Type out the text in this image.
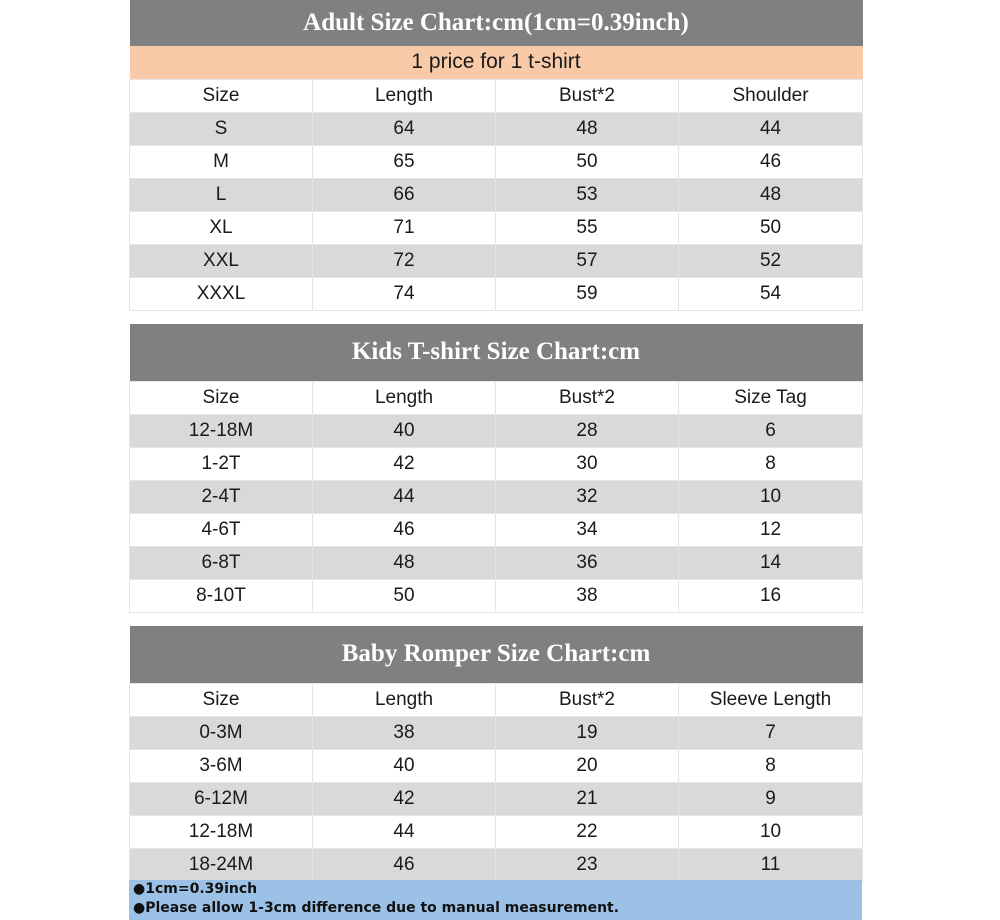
Adult Size Chart:cm(1cm=0.39inch)			
1 price for 1 t-shirt			
Size	Length	Bust*2	Shoulder
S	64	48	44
M	65	50	46
L	66	53	48
XL	71	55	50
XXL	72	57	52
XXXL	74	59	54
Kids T-shirt Size Chart:cm			
Size	Length	Bust*2	Size Tag
12-18M	40	28	6
1-2T	42	30	8
2-4T	44	32	10
4-6T	46	34	12
6-8T	48	36	14
8-10T	50	38	16
Baby Romper Size Chart:cm			
Size	Length	Bust*2	Sleeve Length
0-3M	38	19	7
3-6M	40	20	8
6-12M	42	21	9
12-18M	44	22	10
18-24M	46	23	11
●1cm=0.39inch
●Please allow 1-3cm difference due to manual measurement.
